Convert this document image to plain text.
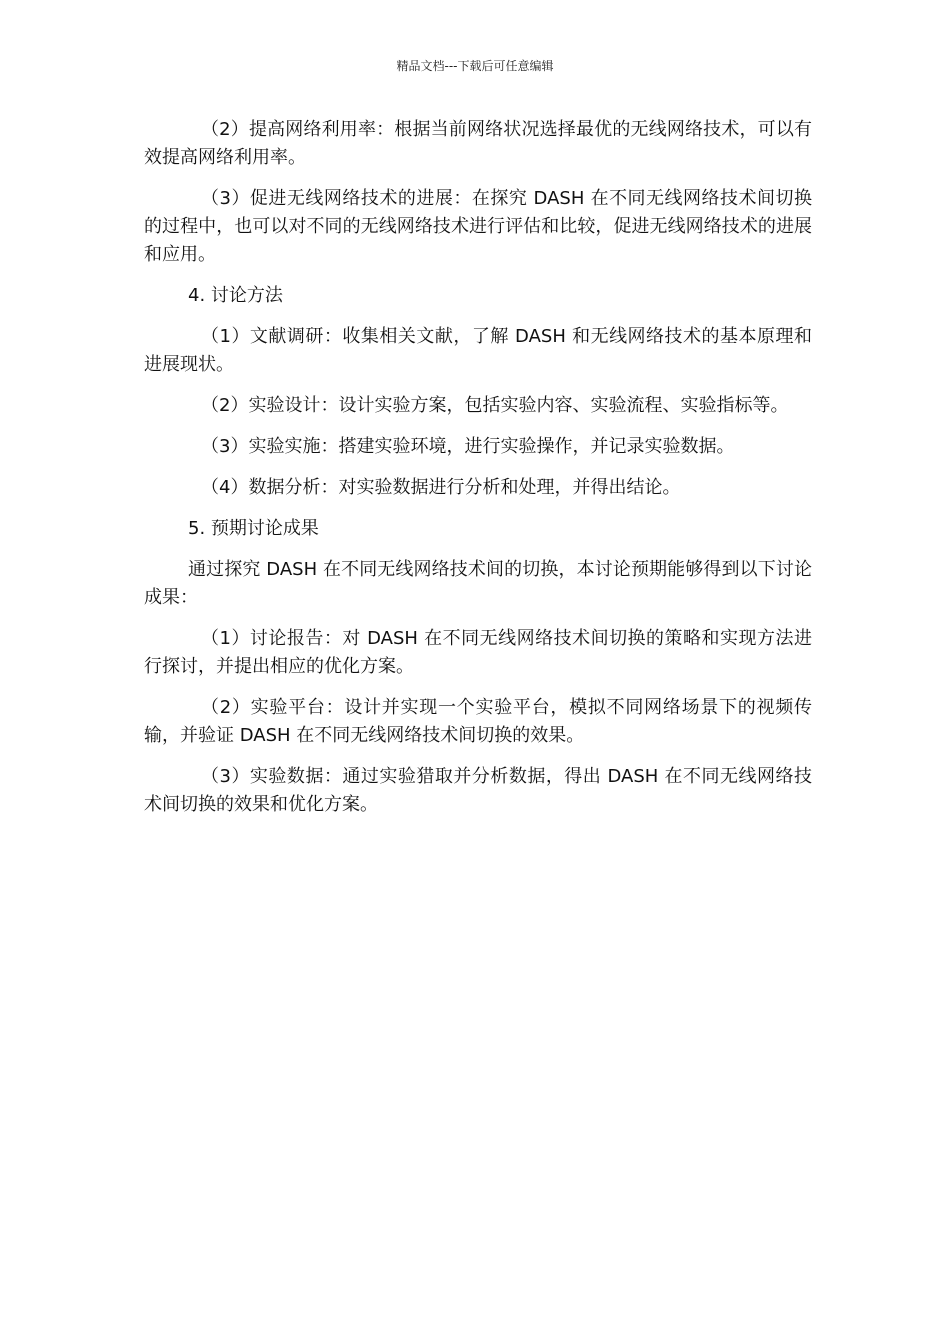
精品文档---下载后可任意编辑

（2）提高网络利用率：根据当前网络状况选择最优的无线网络技术，可以有效提高网络利用率。

（3）促进无线网络技术的进展：在探究 DASH 在不同无线网络技术间切换的过程中，也可以对不同的无线网络技术进行评估和比较，促进无线网络技术的进展和应用。

4. 讨论方法

（1）文献调研：收集相关文献，了解 DASH 和无线网络技术的基本原理和进展现状。

（2）实验设计：设计实验方案，包括实验内容、实验流程、实验指标等。

（3）实验实施：搭建实验环境，进行实验操作，并记录实验数据。

（4）数据分析：对实验数据进行分析和处理，并得出结论。

5. 预期讨论成果

通过探究 DASH 在不同无线网络技术间的切换，本讨论预期能够得到以下讨论成果：

（1）讨论报告：对 DASH 在不同无线网络技术间切换的策略和实现方法进行探讨，并提出相应的优化方案。

（2）实验平台：设计并实现一个实验平台，模拟不同网络场景下的视频传输，并验证 DASH 在不同无线网络技术间切换的效果。

（3）实验数据：通过实验猎取并分析数据，得出 DASH 在不同无线网络技术间切换的效果和优化方案。
